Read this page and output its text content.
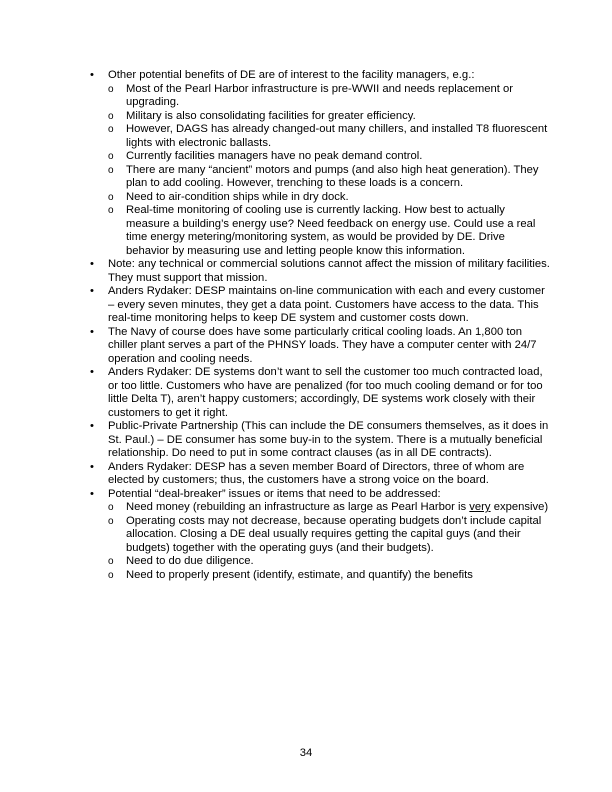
•	Other potential benefits of DE are of interest to the facility managers, e.g.:
o Most of the Pearl Harbor infrastructure is pre-WWII and needs replacement or upgrading.
o Military is also consolidating facilities for greater efficiency.
o However, DAGS has already changed-out many chillers, and installed T8 fluorescent lights with electronic ballasts.
o Currently facilities managers have no peak demand control.
o There are many “ancient” motors and pumps (and also high heat generation). They plan to add cooling. However, trenching to these loads is a concern.
o Need to air-condition ships while in dry dock.
o Real-time monitoring of cooling use is currently lacking. How best to actually measure a building’s energy use? Need feedback on energy use. Could use a real time energy metering/monitoring system, as would be provided by DE. Drive behavior by measuring use and letting people know this information.
•	Note: any technical or commercial solutions cannot affect the mission of military facilities. They must support that mission.
•	Anders Rydaker: DESP maintains on-line communication with each and every customer – every seven minutes, they get a data point. Customers have access to the data. This real-time monitoring helps to keep DE system and customer costs down.
•	The Navy of course does have some particularly critical cooling loads. An 1,800 ton chiller plant serves a part of the PHNSY loads. They have a computer center with 24/7 operation and cooling needs.
•	Anders Rydaker: DE systems don’t want to sell the customer too much contracted load, or too little. Customers who have are penalized (for too much cooling demand or for too little Delta T), aren’t happy customers; accordingly, DE systems work closely with their customers to get it right.
•	Public-Private Partnership (This can include the DE consumers themselves, as it does in St. Paul.) – DE consumer has some buy-in to the system. There is a mutually beneficial relationship. Do need to put in some contract clauses (as in all DE contracts).
•	Anders Rydaker: DESP has a seven member Board of Directors, three of whom are elected by customers; thus, the customers have a strong voice on the board.
•	Potential “deal-breaker” issues or items that need to be addressed:
o Need money (rebuilding an infrastructure as large as Pearl Harbor is very expensive)
o Operating costs may not decrease, because operating budgets don’t include capital allocation. Closing a DE deal usually requires getting the capital guys (and their budgets) together with the operating guys (and their budgets).
o Need to do due diligence.
o Need to properly present (identify, estimate, and quantify) the benefits
34
